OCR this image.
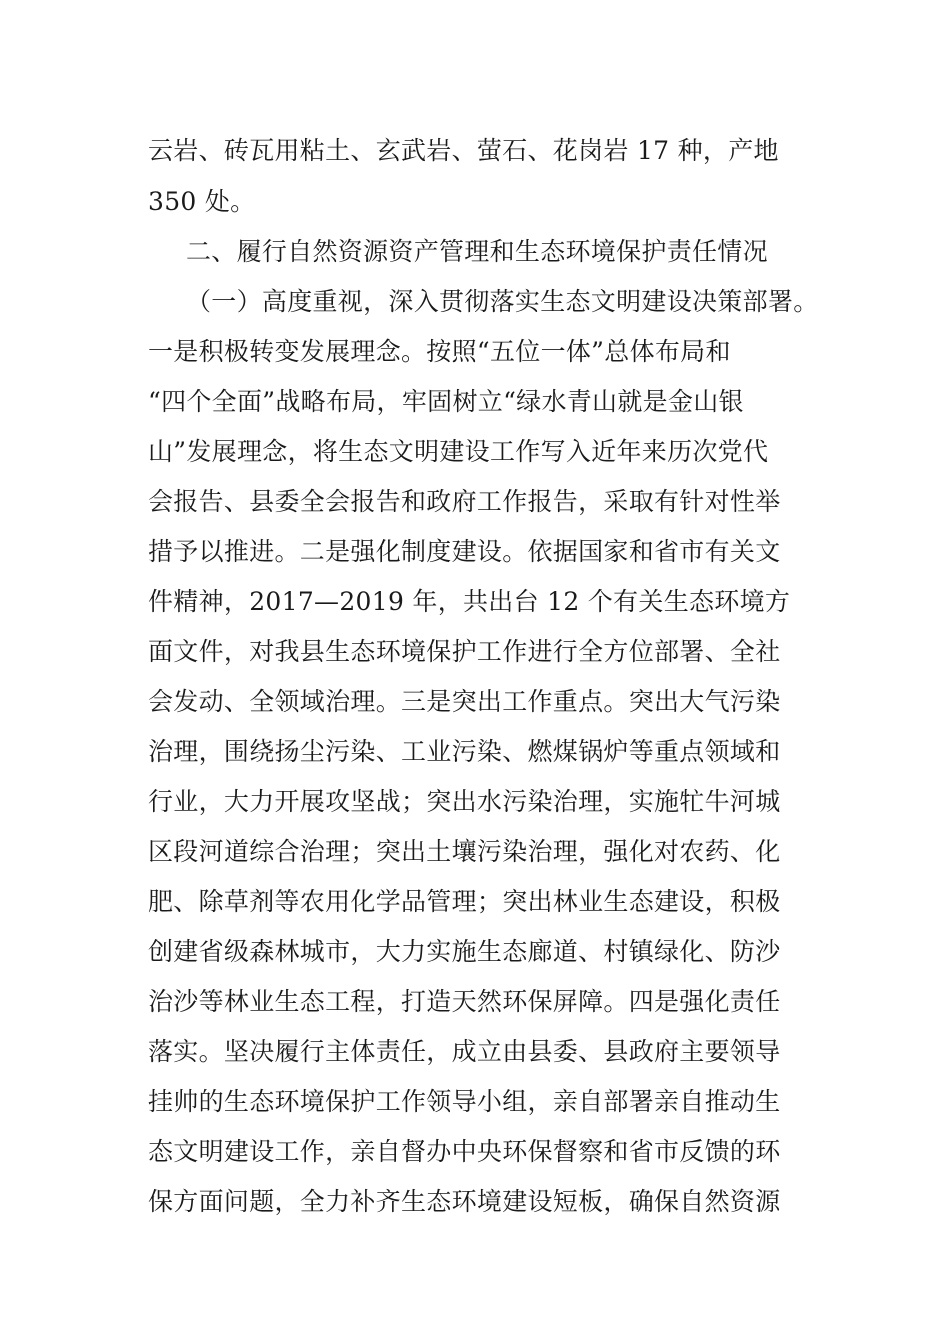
云岩、砖瓦用粘土、玄武岩、萤石、花岗岩 17 种，产地
350 处。
二、履行自然资源资产管理和生态环境保护责任情况
（一）高度重视，深入贯彻落实生态文明建设决策部署。
一是积极转变发展理念。按照“五位一体”总体布局和
“四个全面”战略布局，牢固树立“绿水青山就是金山银
山”发展理念，将生态文明建设工作写入近年来历次党代
会报告、县委全会报告和政府工作报告，采取有针对性举
措予以推进。二是强化制度建设。依据国家和省市有关文
件精神，2017—2019 年，共出台 12 个有关生态环境方
面文件，对我县生态环境保护工作进行全方位部署、全社
会发动、全领域治理。三是突出工作重点。突出大气污染
治理，围绕扬尘污染、工业污染、燃煤锅炉等重点领域和
行业，大力开展攻坚战；突出水污染治理，实施牤牛河城
区段河道综合治理；突出土壤污染治理，强化对农药、化
肥、除草剂等农用化学品管理；突出林业生态建设，积极
创建省级森林城市，大力实施生态廊道、村镇绿化、防沙
治沙等林业生态工程，打造天然环保屏障。四是强化责任
落实。坚决履行主体责任，成立由县委、县政府主要领导
挂帅的生态环境保护工作领导小组，亲自部署亲自推动生
态文明建设工作，亲自督办中央环保督察和省市反馈的环
保方面问题，全力补齐生态环境建设短板，确保自然资源
